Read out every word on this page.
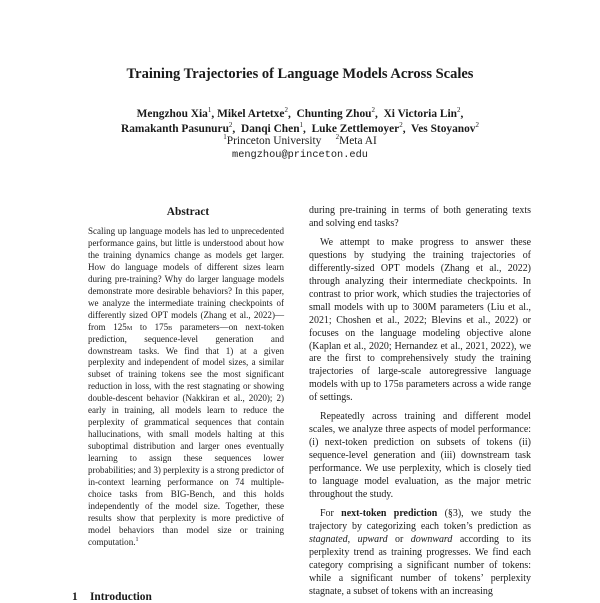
Training Trajectories of Language Models Across Scales
Mengzhou Xia$^1$, Mikel Artetxe$^2$,  Chunting Zhou$^2$,  Xi Victoria Lin$^2$,
Ramakanth Pasunuru$^2$,  Danqi Chen$^1$,  Luke Zettlemoyer$^2$,  Ves Stoyanov$^2$
$^1$Princeton University $^2$Meta AI
mengzhou@princeton.edu
Abstract
Scaling up language models has led to unprecedented performance gains, but little is understood about how the training dynamics change as models get larger. How do language models of different sizes learn during pre-training? Why do larger language models demonstrate more desirable behaviors? In this paper, we analyze the intermediate training checkpoints of differently sized OPT models (Zhang et al., 2022)—from 125m to 175b parameters—on next-token prediction, sequence-level generation and downstream tasks. We find that 1) at a given perplexity and independent of model sizes, a similar subset of training tokens see the most significant reduction in loss, with the rest stagnating or showing double-descent behavior (Nakkiran et al., 2020); 2) early in training, all models learn to reduce the perplexity of grammatical sequences that contain hallucinations, with small models halting at this suboptimal distribution and larger ones eventually learning to assign these sequences lower probabilities; and 3) perplexity is a strong predictor of in-context learning performance on 74 multiple-choice tasks from BIG-Bench, and this holds independently of the model size. Together, these results show that perplexity is more predictive of model behaviors than model size or training computation.$^1$

during pre-training in terms of both generating texts and solving end tasks?

We attempt to make progress to answer these questions by studying the training trajectories of differently-sized OPT models (Zhang et al., 2022) through analyzing their intermediate checkpoints. In contrast to prior work, which studies the trajectories of small models with up to 300M parameters (Liu et al., 2021; Choshen et al., 2022; Blevins et al., 2022) or focuses on the language modeling objective alone (Kaplan et al., 2020; Hernandez et al., 2021, 2022), we are the first to comprehensively study the training trajectories of large-scale autoregressive language models with up to 175b parameters across a wide range of settings.

Repeatedly across training and different model scales, we analyze three aspects of model performance: (i) next-token prediction on subsets of tokens (ii) sequence-level generation and (iii) downstream task performance. We use perplexity, which is closely tied to language model evaluation, as the major metric throughout the study.

For next-token prediction (§3), we study the trajectory by categorizing each token’s prediction as stagnated, upward or downward according to its perplexity trend as training progresses. We find each category comprising a significant number of tokens: while a significant number of tokens’ perplexity stagnate, a subset of tokens with an increasing

1 Introduction
